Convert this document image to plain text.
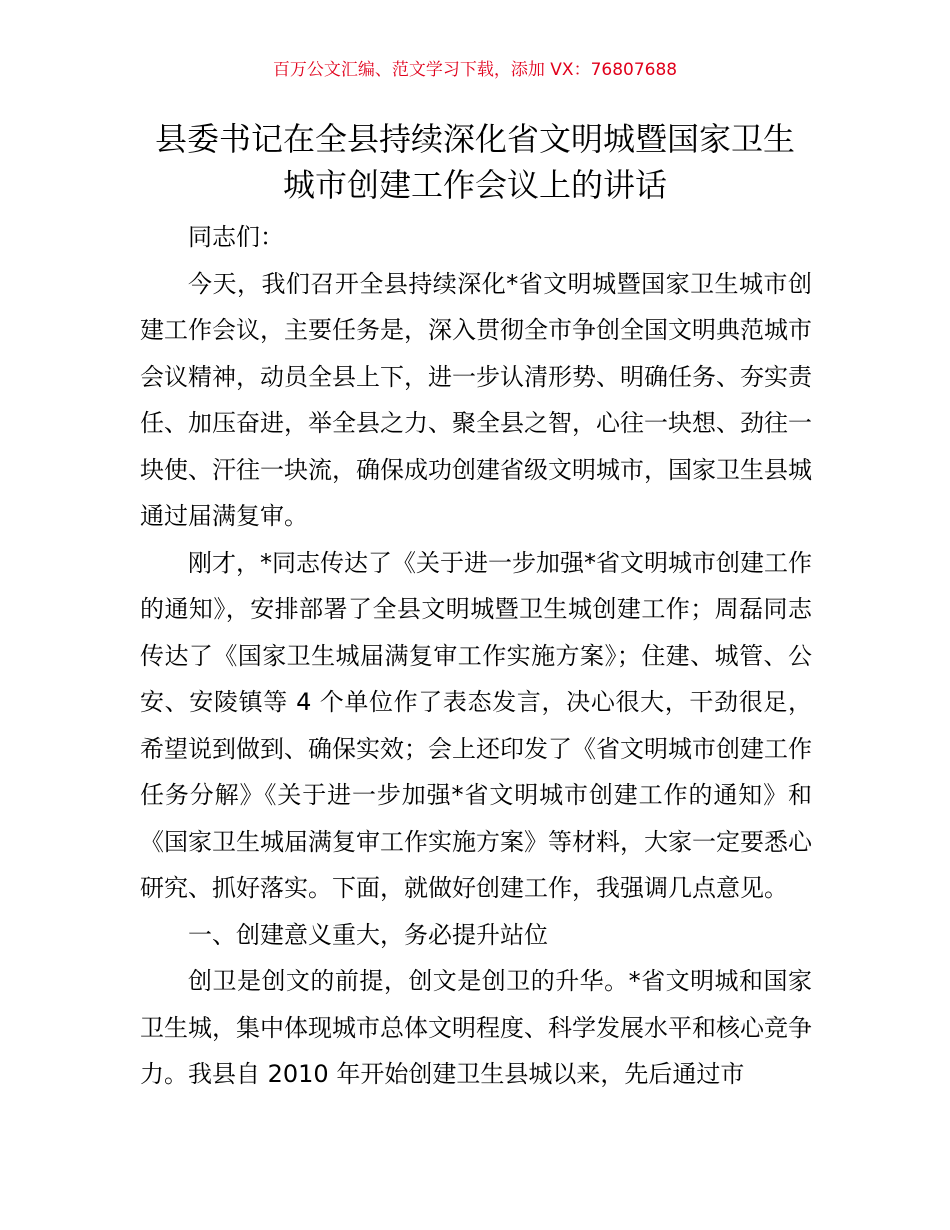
百万公文汇编、范文学习下载，添加 VX：76807688
县委书记在全县持续深化省文明城暨国家卫生
城市创建工作会议上的讲话

同志们：

今天，我们召开全县持续深化*省文明城暨国家卫生城市创建工作会议，主要任务是，深入贯彻全市争创全国文明典范城市会议精神，动员全县上下，进一步认清形势、明确任务、夯实责任、加压奋进，举全县之力、聚全县之智，心往一块想、劲往一块使、汗往一块流，确保成功创建省级文明城市，国家卫生县城通过届满复审。

刚才，*同志传达了《关于进一步加强*省文明城市创建工作的通知》，安排部署了全县文明城暨卫生城创建工作；周磊同志传达了《国家卫生城届满复审工作实施方案》；住建、城管、公安、安陵镇等 4 个单位作了表态发言，决心很大，干劲很足，希望说到做到、确保实效；会上还印发了《省文明城市创建工作任务分解》《关于进一步加强*省文明城市创建工作的通知》和《国家卫生城届满复审工作实施方案》等材料，大家一定要悉心研究、抓好落实。下面，就做好创建工作，我强调几点意见。

一、创建意义重大，务必提升站位

创卫是创文的前提，创文是创卫的升华。*省文明城和国家卫生城，集中体现城市总体文明程度、科学发展水平和核心竞争力。我县自 2010 年开始创建卫生县城以来，先后通过市
